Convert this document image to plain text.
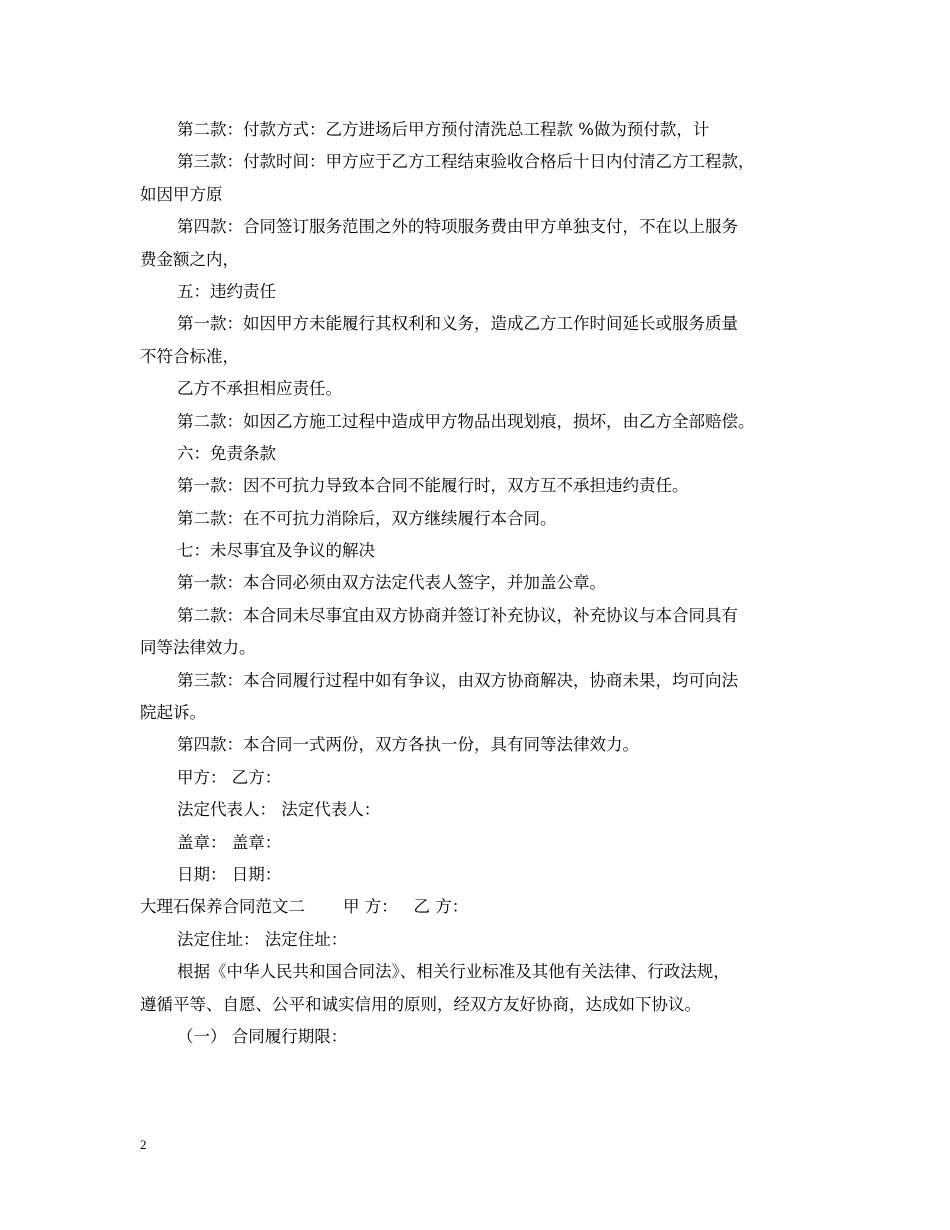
第二款：付款方式：乙方进场后甲方预付清洗总工程款 %做为预付款，计
第三款：付款时间：甲方应于乙方工程结束验收合格后十日内付清乙方工程款，
如因甲方原
第四款：合同签订服务范围之外的特项服务费由甲方单独支付，不在以上服务
费金额之内，
五：违约责任
第一款：如因甲方未能履行其权利和义务，造成乙方工作时间延长或服务质量
不符合标准，
乙方不承担相应责任。
第二款：如因乙方施工过程中造成甲方物品出现划痕，损坏，由乙方全部赔偿。
六：免责条款
第一款：因不可抗力导致本合同不能履行时，双方互不承担违约责任。
第二款：在不可抗力消除后，双方继续履行本合同。
七：未尽事宜及争议的解决
第一款：本合同必须由双方法定代表人签字，并加盖公章。
第二款：本合同未尽事宜由双方协商并签订补充协议，补充协议与本合同具有
同等法律效力。
第三款：本合同履行过程中如有争议，由双方协商解决，协商未果，均可向法
院起诉。
第四款：本合同一式两份，双方各执一份，具有同等法律效力。
甲方： 乙方：
法定代表人： 法定代表人：
盖章： 盖章：
日期： 日期：
大理石保养合同范文二 甲 方： 乙 方：
法定住址： 法定住址：
根据《中华人民共和国合同法》、相关行业标准及其他有关法律、行政法规，
遵循平等、自愿、公平和诚实信用的原则，经双方友好协商，达成如下协议。
（一） 合同履行期限：
2
